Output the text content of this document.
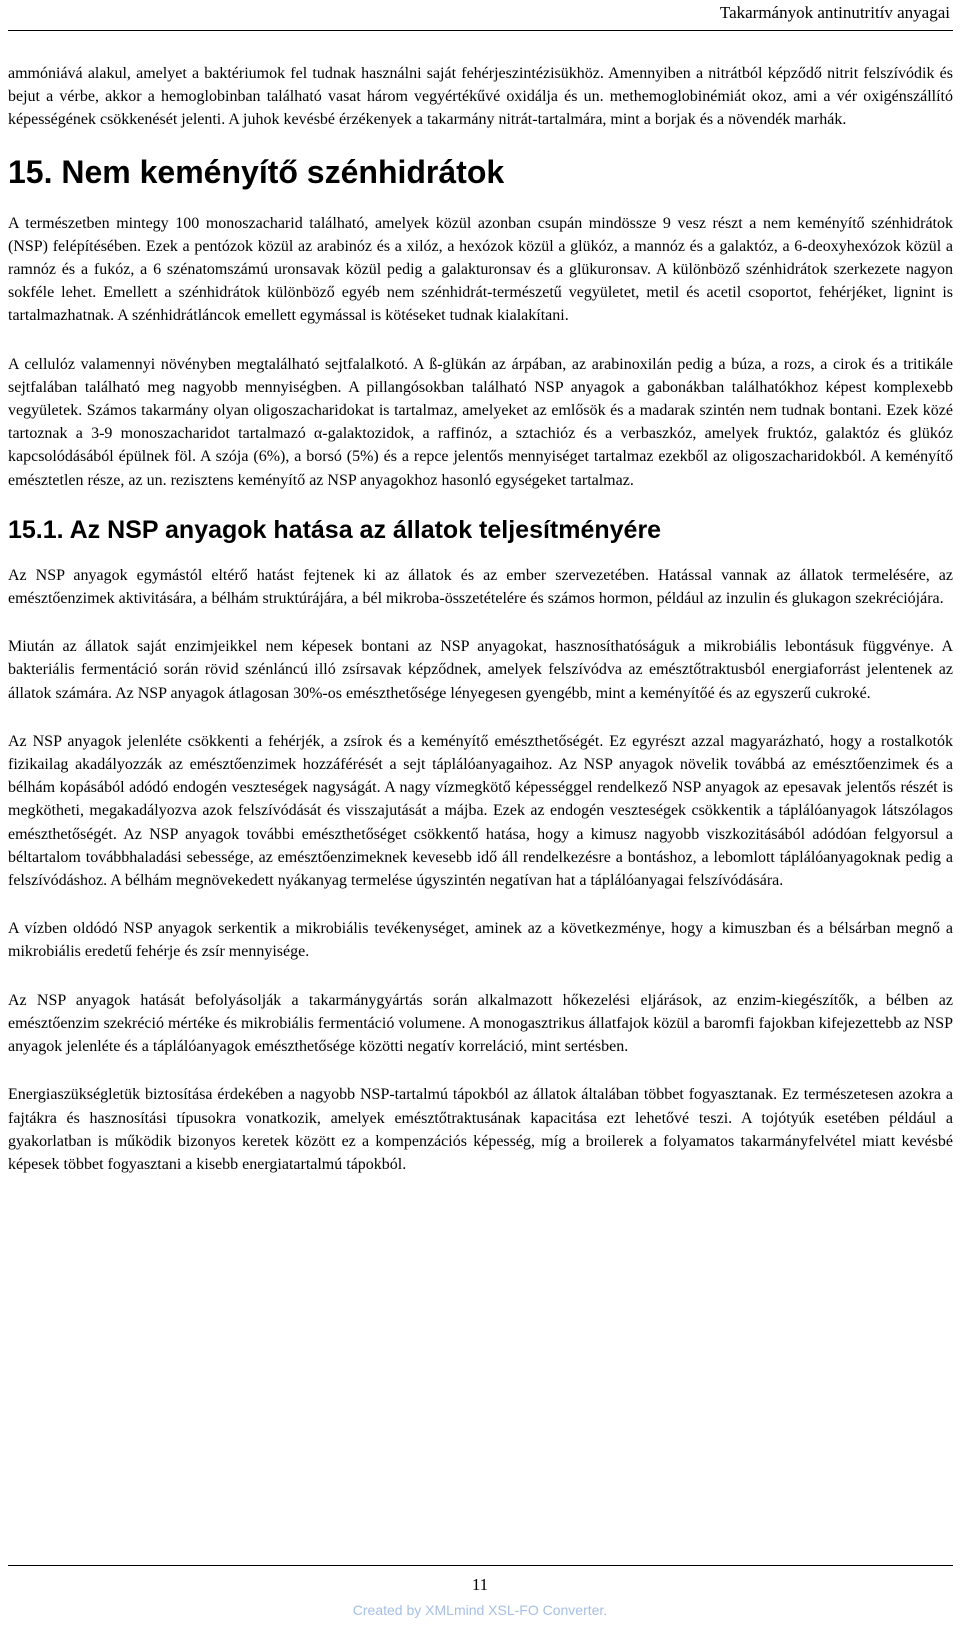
Takarmányok antinutritív anyagai

ammóniává alakul, amelyet a baktériumok fel tudnak használni saját fehérjeszintézisükhöz. Amennyiben a nitrátból képződő nitrit felszívódik és bejut a vérbe, akkor a hemoglobinban található vasat három vegyértékűvé oxidálja és un. methemoglobinémiát okoz, ami a vér oxigénszállító képességének csökkenését jelenti. A juhok kevésbé érzékenyek a takarmány nitrát-tartalmára, mint a borjak és a növendék marhák.

15. Nem keményítő szénhidrátok

A természetben mintegy 100 monoszacharid található, amelyek közül azonban csupán mindössze 9 vesz részt a nem keményítő szénhidrátok (NSP) felépítésében. Ezek a pentózok közül az arabinóz és a xilóz, a hexózok közül a glükóz, a mannóz és a galaktóz, a 6-deoxyhexózok közül a ramnóz és a fukóz, a 6 szénatomszámú uronsavak közül pedig a galakturonsav és a glükuronsav. A különböző szénhidrátok szerkezete nagyon sokféle lehet. Emellett a szénhidrátok különböző egyéb nem szénhidrát-természetű vegyületet, metil és acetil csoportot, fehérjéket, lignint is tartalmazhatnak. A szénhidrátláncok emellett egymással is kötéseket tudnak kialakítani.

A cellulóz valamennyi növényben megtalálható sejtfalalkotó. A ß-glükán az árpában, az arabinoxilán pedig a búza, a rozs, a cirok és a tritikále sejtfalában található meg nagyobb mennyiségben. A pillangósokban található NSP anyagok a gabonákban találhatókhoz képest komplexebb vegyületek. Számos takarmány olyan oligoszacharidokat is tartalmaz, amelyeket az emlősök és a madarak szintén nem tudnak bontani. Ezek közé tartoznak a 3-9 monoszacharidot tartalmazó α-galaktozidok, a raffinóz, a sztachióz és a verbaszkóz, amelyek fruktóz, galaktóz és glükóz kapcsolódásából épülnek föl. A szója (6%), a borsó (5%) és a repce jelentős mennyiséget tartalmaz ezekből az oligoszacharidokból. A keményítő emésztetlen része, az un. rezisztens keményítő az NSP anyagokhoz hasonló egységeket tartalmaz.

15.1. Az NSP anyagok hatása az állatok teljesítményére

Az NSP anyagok egymástól eltérő hatást fejtenek ki az állatok és az ember szervezetében. Hatással vannak az állatok termelésére, az emésztőenzimek aktivitására, a bélhám struktúrájára, a bél mikroba-összetételére és számos hormon, például az inzulin és glukagon szekréciójára.

Miután az állatok saját enzimjeikkel nem képesek bontani az NSP anyagokat, hasznosíthatóságuk a mikrobiális lebontásuk függvénye. A bakteriális fermentáció során rövid szénláncú illó zsírsavak képződnek, amelyek felszívódva az emésztőtraktusból energiaforrást jelentenek az állatok számára. Az NSP anyagok átlagosan 30%-os emészthetősége lényegesen gyengébb, mint a keményítőé és az egyszerű cukroké.

Az NSP anyagok jelenléte csökkenti a fehérjék, a zsírok és a keményítő emészthetőségét. Ez egyrészt azzal magyarázható, hogy a rostalkotók fizikailag akadályozzák az emésztőenzimek hozzáférését a sejt táplálóanyagaihoz. Az NSP anyagok növelik továbbá az emésztőenzimek és a bélhám kopásából adódó endogén veszteségek nagyságát. A nagy vízmegkötő képességgel rendelkező NSP anyagok az epesavak jelentős részét is megkötheti, megakadályozva azok felszívódását és visszajutását a májba. Ezek az endogén veszteségek csökkentik a táplálóanyagok látszólagos emészthetőségét. Az NSP anyagok további emészthetőséget csökkentő hatása, hogy a kimusz nagyobb viszkozitásából adódóan felgyorsul a béltartalom továbbhaladási sebessége, az emésztőenzimeknek kevesebb idő áll rendelkezésre a bontáshoz, a lebomlott táplálóanyagoknak pedig a felszívódáshoz. A bélhám megnövekedett nyákanyag termelése úgyszintén negatívan hat a táplálóanyagai felszívódására.

A vízben oldódó NSP anyagok serkentik a mikrobiális tevékenységet, aminek az a következménye, hogy a kimuszban és a bélsárban megnő a mikrobiális eredetű fehérje és zsír mennyisége.

Az NSP anyagok hatását befolyásolják a takarmánygyártás során alkalmazott hőkezelési eljárások, az enzim-kiegészítők, a bélben az emésztőenzim szekréció mértéke és mikrobiális fermentáció volumene. A monogasztrikus állatfajok közül a baromfi fajokban kifejezettebb az NSP anyagok jelenléte és a táplálóanyagok emészthetősége közötti negatív korreláció, mint sertésben.

Energiaszükségletük biztosítása érdekében a nagyobb NSP-tartalmú tápokból az állatok általában többet fogyasztanak. Ez természetesen azokra a fajtákra és hasznosítási típusokra vonatkozik, amelyek emésztőtraktusának kapacitása ezt lehetővé teszi. A tojótyúk esetében például a gyakorlatban is működik bizonyos keretek között ez a kompenzációs képesség, míg a broilerek a folyamatos takarmányfelvétel miatt kevésbé képesek többet fogyasztani a kisebb energiatartalmú tápokból.

11
Created by XMLmind XSL-FO Converter.
